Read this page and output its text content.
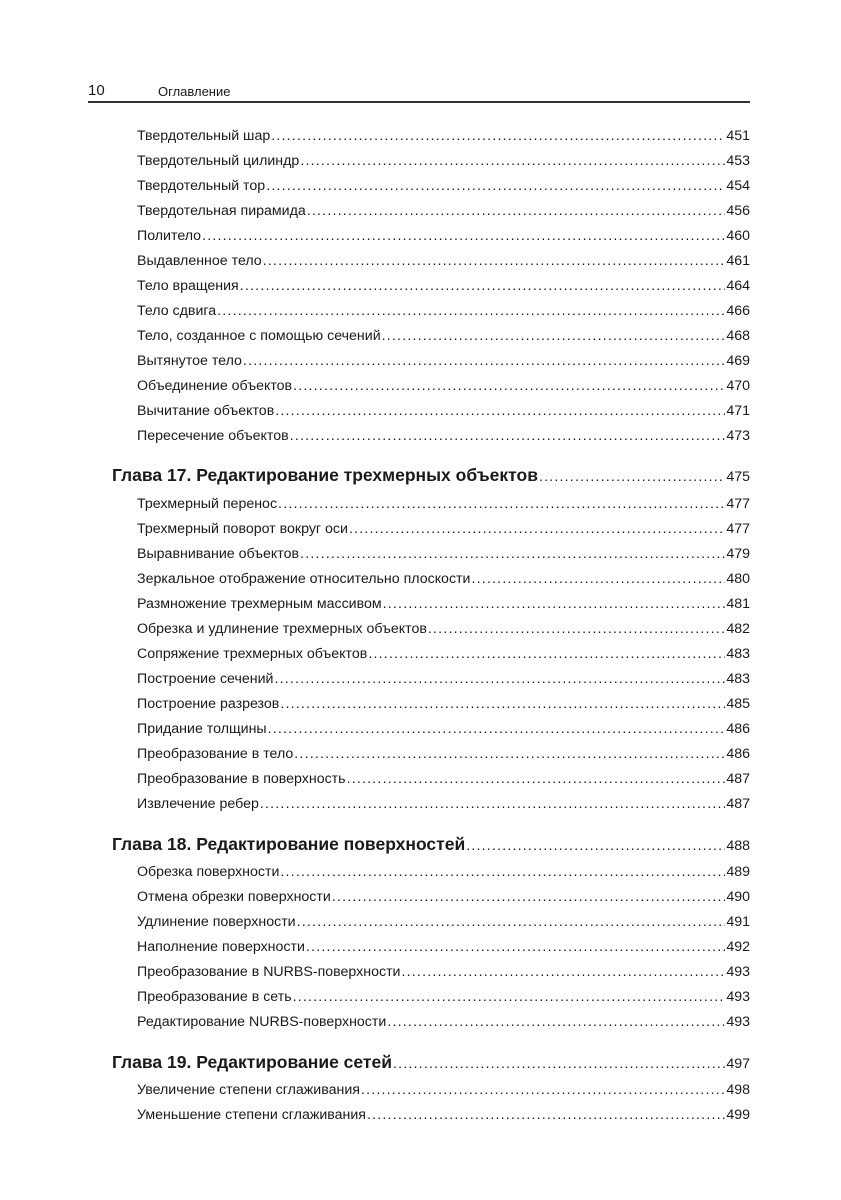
10	Оглавление
Твердотельный шар .....	451
Твердотельный цилиндр .....	453
Твердотельный тор .....	454
Твердотельная пирамида .....	456
Политело .....	460
Выдавленное тело .....	461
Тело вращения .....	464
Тело сдвига .....	466
Тело, созданное с помощью сечений .....	468
Вытянутое тело .....	469
Объединение объектов .....	470
Вычитание объектов .....	471
Пересечение объектов .....	473
Глава 17. Редактирование трехмерных объектов .....	475
Трехмерный перенос .....	477
Трехмерный поворот вокруг оси .....	477
Выравнивание объектов .....	479
Зеркальное отображение относительно плоскости .....	480
Размножение трехмерным массивом .....	481
Обрезка и удлинение трехмерных объектов .....	482
Сопряжение трехмерных объектов .....	483
Построение сечений .....	483
Построение разрезов .....	485
Придание толщины .....	486
Преобразование в тело .....	486
Преобразование в поверхность .....	487
Извлечение ребер .....	487
Глава 18. Редактирование поверхностей .....	488
Обрезка поверхности .....	489
Отмена обрезки поверхности .....	490
Удлинение поверхности .....	491
Наполнение поверхности .....	492
Преобразование в NURBS-поверхности .....	493
Преобразование в сеть .....	493
Редактирование NURBS-поверхности .....	493
Глава 19. Редактирование сетей .....	497
Увеличение степени сглаживания .....	498
Уменьшение степени сглаживания .....	499
